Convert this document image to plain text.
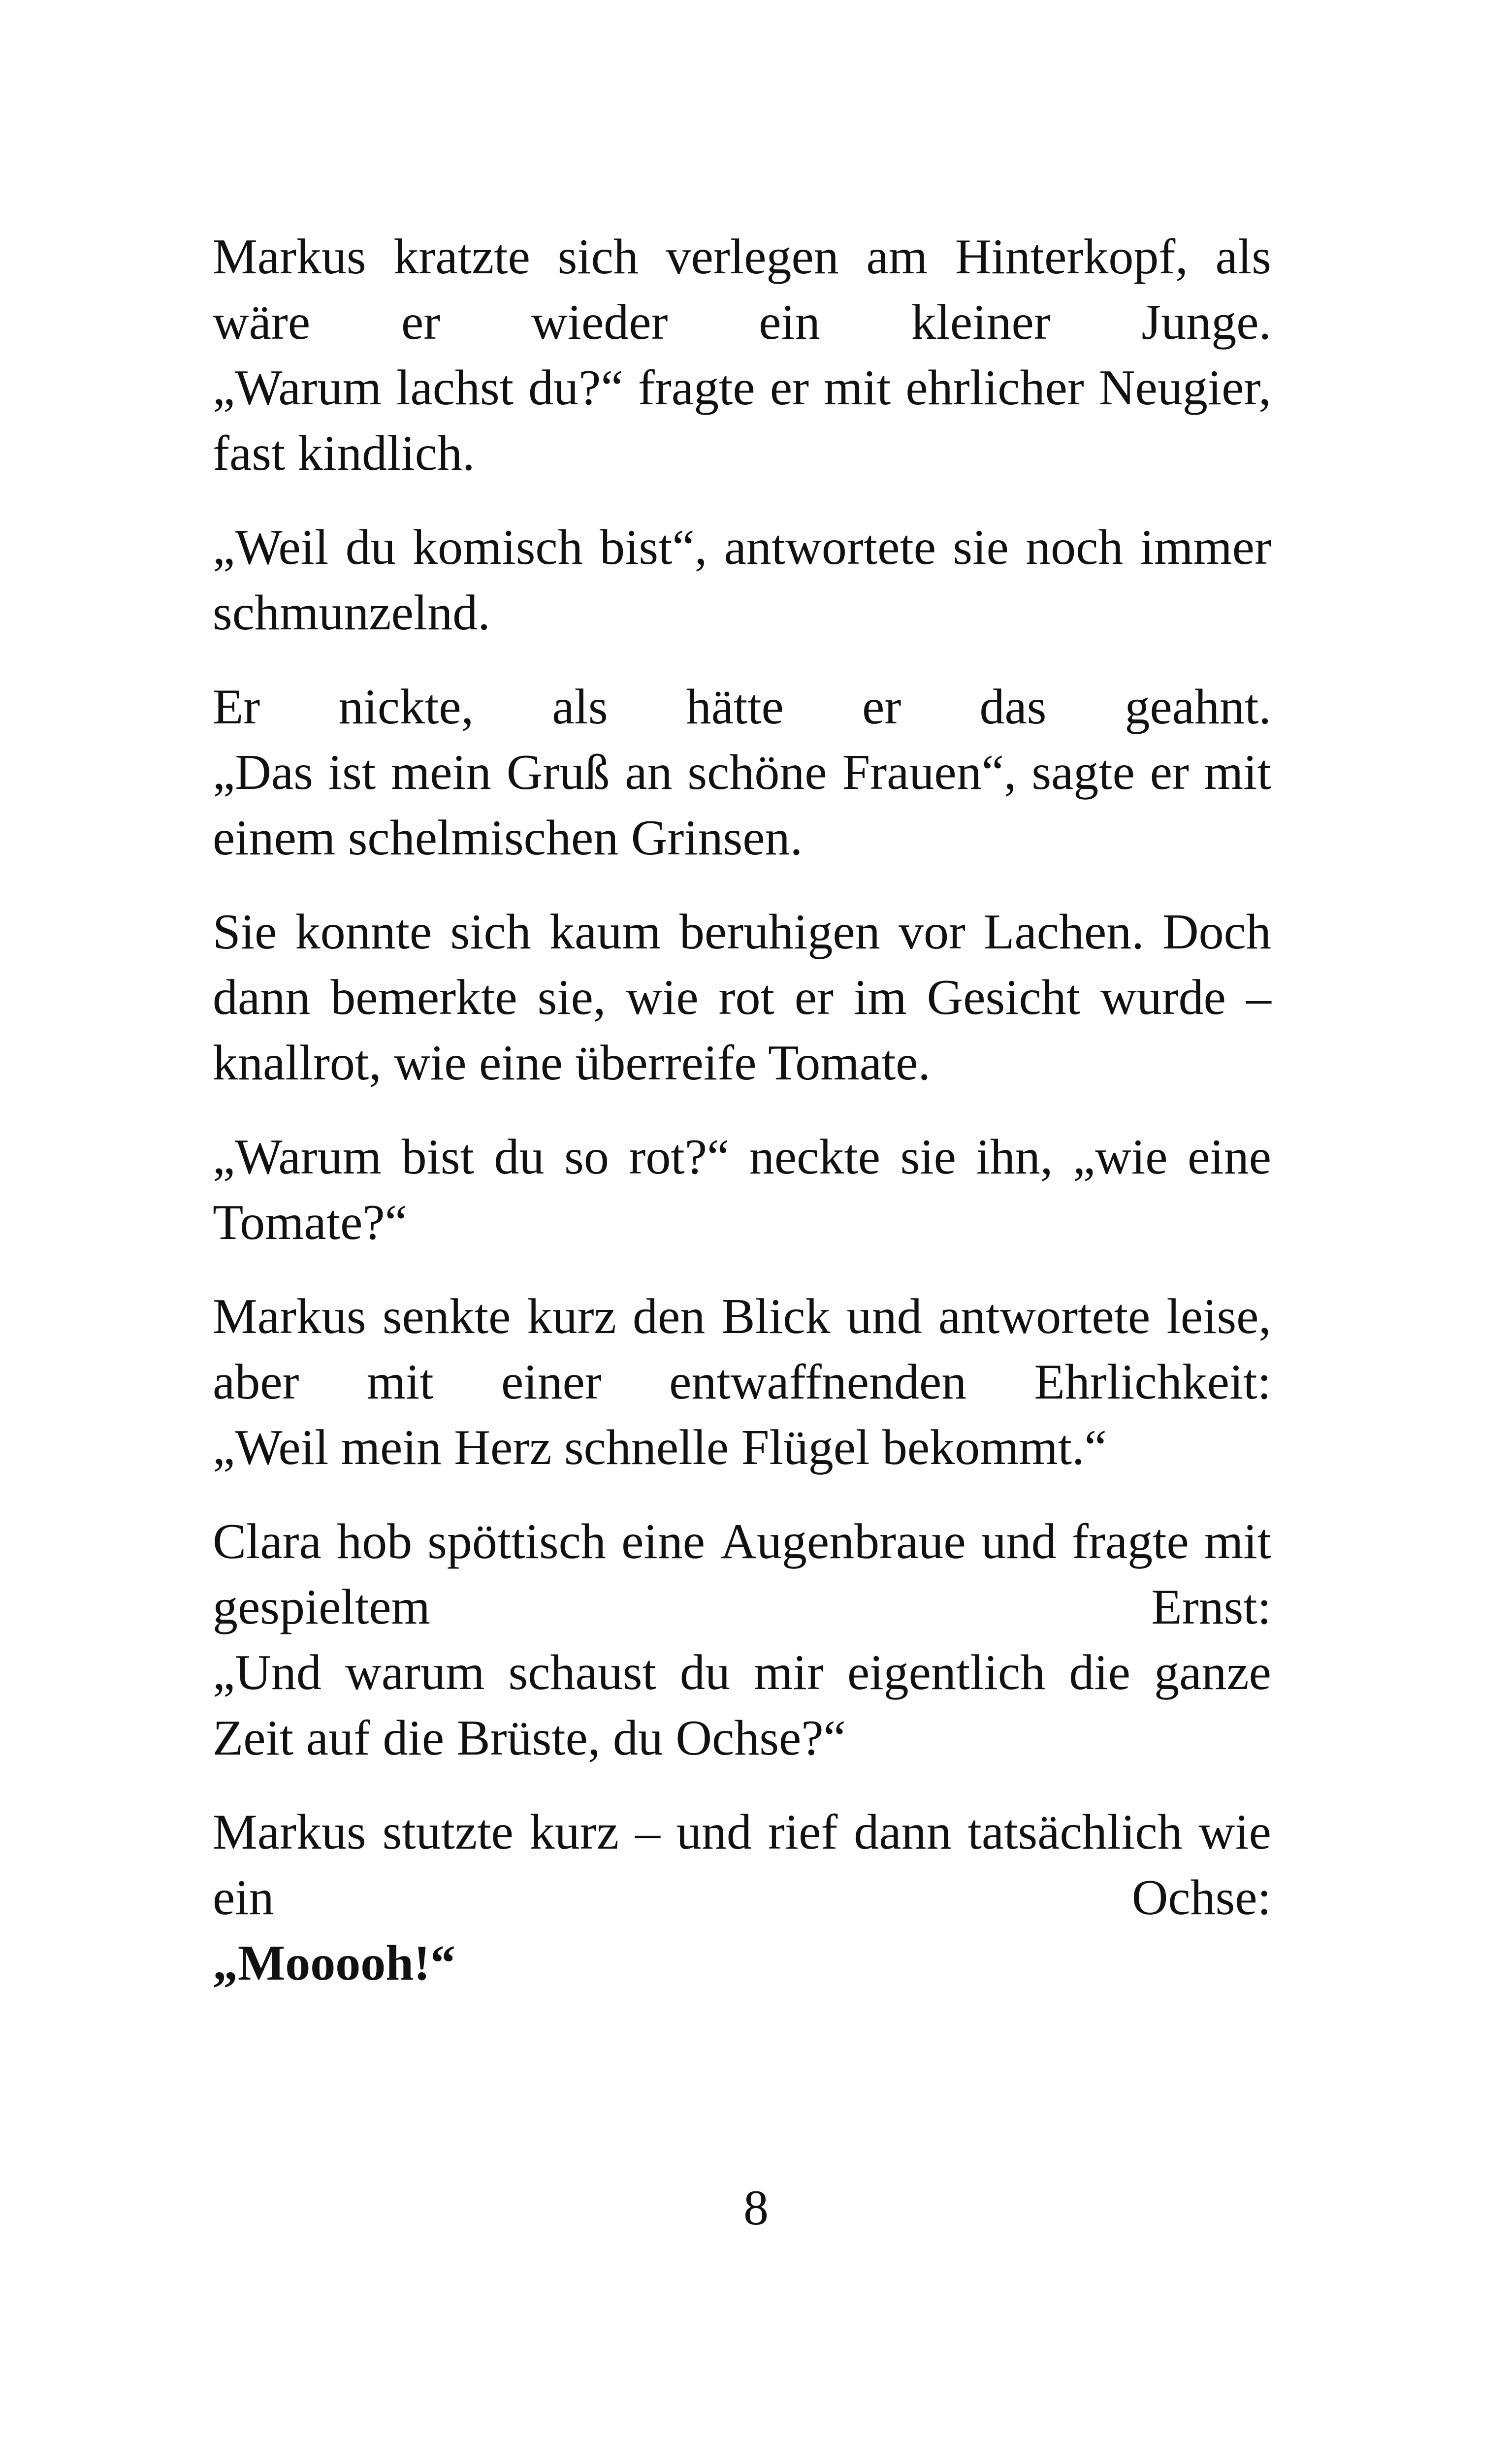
Markus kratzte sich verlegen am Hinterkopf, als
wäre er wieder ein kleiner Junge.
„Warum lachst du?“ fragte er mit ehrlicher Neugier,
fast kindlich.
„Weil du komisch bist“, antwortete sie noch immer
schmunzelnd.
Er nickte, als hätte er das geahnt.
„Das ist mein Gruß an schöne Frauen“, sagte er mit
einem schelmischen Grinsen.
Sie konnte sich kaum beruhigen vor Lachen. Doch
dann bemerkte sie, wie rot er im Gesicht wurde –
knallrot, wie eine überreife Tomate.
„Warum bist du so rot?“ neckte sie ihn, „wie eine
Tomate?“
Markus senkte kurz den Blick und antwortete leise,
aber mit einer entwaffnenden Ehrlichkeit:
„Weil mein Herz schnelle Flügel bekommt.“
Clara hob spöttisch eine Augenbraue und fragte mit
gespieltem	Ernst:
„Und warum schaust du mir eigentlich die ganze
Zeit auf die Brüste, du Ochse?“
Markus stutzte kurz – und rief dann tatsächlich wie
ein	Ochse:
„Mooooh!“
8
